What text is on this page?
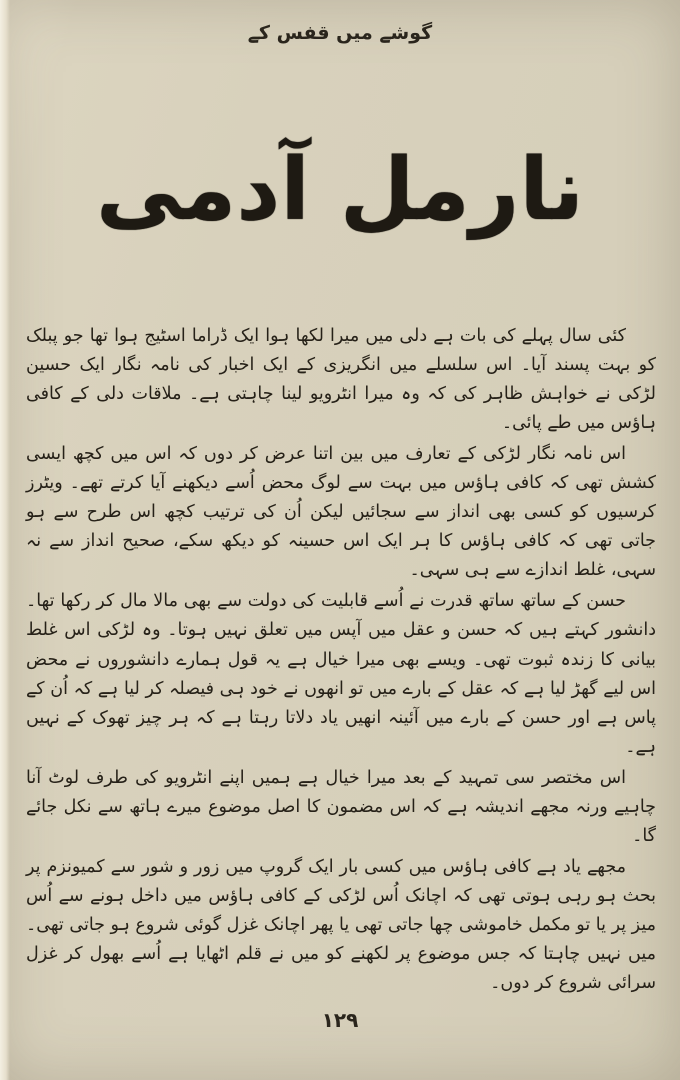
گوشے میں قفس کے
نارمل آدمی

کئی سال پہلے کی بات ہے دلی میں میرا لکھا ہوا ایک ڈراما اسٹیج ہوا تھا جو پبلک کو بہت پسند آیا۔ اس سلسلے میں انگریزی کے ایک اخبار کی نامہ نگار ایک حسین لڑکی نے خواہش ظاہر کی کہ وہ میرا انٹرویو لینا چاہتی ہے۔ ملاقات دلی کے کافی ہاؤس میں طے پائی۔

اس نامہ نگار لڑکی کے تعارف میں بین اتنا عرض کر دوں کہ اس میں کچھ ایسی کشش تھی کہ کافی ہاؤس میں بہت سے لوگ محض اُسے دیکھنے آیا کرتے تھے۔ ویٹرز کرسیوں کو کسی بھی انداز سے سجائیں لیکن اُن کی ترتیب کچھ اس طرح سے ہو جاتی تھی کہ کافی ہاؤس کا ہر ایک اس حسینہ کو دیکھ سکے، صحیح انداز سے نہ سہی، غلط اندازے سے ہی سہی۔

حسن کے ساتھ ساتھ قدرت نے اُسے قابلیت کی دولت سے بھی مالا مال کر رکھا تھا۔ دانشور کہتے ہیں کہ حسن و عقل میں آپس میں تعلق نہیں ہوتا۔ وہ لڑکی اس غلط بیانی کا زندہ ثبوت تھی۔ ویسے بھی میرا خیال ہے یہ قول ہمارے دانشوروں نے محض اس لیے گھڑ لیا ہے کہ عقل کے بارے میں تو انھوں نے خود ہی فیصلہ کر لیا ہے کہ اُن کے پاس ہے اور حسن کے بارے میں آئینہ انھیں یاد دلاتا رہتا ہے کہ ہر چیز تھوک کے نہیں ہے۔

اس مختصر سی تمہید کے بعد میرا خیال ہے ہمیں اپنے انٹرویو کی طرف لوٹ آنا چاہیے ورنہ مجھے اندیشہ ہے کہ اس مضمون کا اصل موضوع میرے ہاتھ سے نکل جائے گا۔

مجھے یاد ہے کافی ہاؤس میں کسی بار ایک گروپ میں زور و شور سے کمیونزم پر بحث ہو رہی ہوتی تھی کہ اچانک اُس لڑکی کے کافی ہاؤس میں داخل ہونے سے اُس میز پر یا تو مکمل خاموشی چھا جاتی تھی یا پھر اچانک غزل گوئی شروع ہو جاتی تھی۔ میں نہیں چاہتا کہ جس موضوع پر لکھنے کو میں نے قلم اٹھایا ہے اُسے بھول کر غزل سرائی شروع کر دوں۔

۱۲۹
